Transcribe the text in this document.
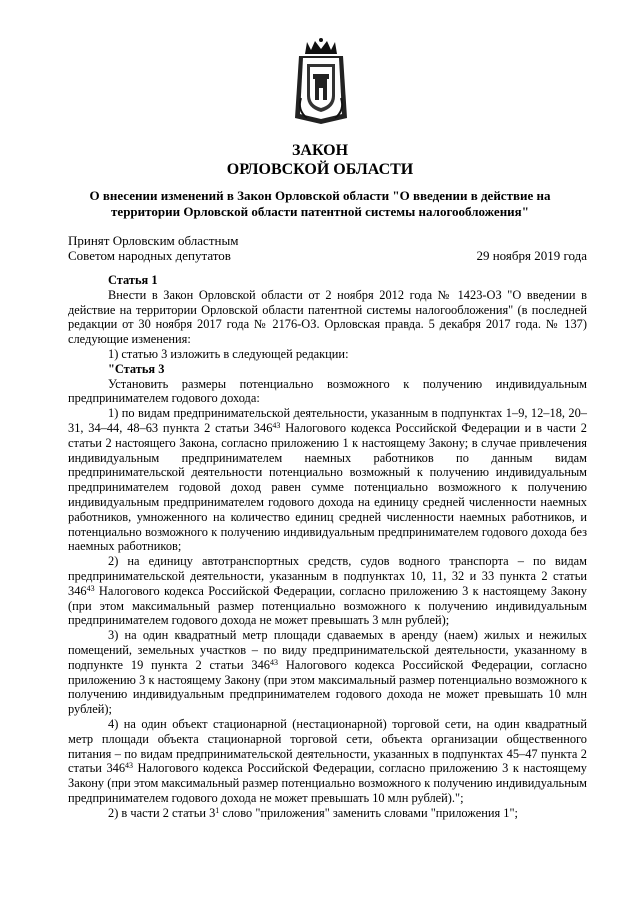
ЗАКОН
ОРЛОВСКОЙ ОБЛАСТИ
О внесении изменений в Закон Орловской области "О введении в действие на
территории Орловской области патентной системы налогообложения"
Принят Орловским областным
Советом народных депутатов	29 ноября 2019 года

Статья 1

Внести в Закон Орловской области от 2 ноября 2012 года № 1423-ОЗ "О введении в действие на территории Орловской области патентной системы налогообложения" (в последней редакции от 30 ноября 2017 года № 2176-ОЗ. Орловская правда. 5 декабря 2017 года. № 137) следующие изменения:

1) статью 3 изложить в следующей редакции:

"Статья 3

Установить размеры потенциально возможного к получению индивидуальным предпринимателем годового дохода:

1) по видам предпринимательской деятельности, указанным в подпунктах 1–9, 12–18, 20–31, 34–44, 48–63 пункта 2 статьи $346^{43}$ Налогового кодекса Российской Федерации и в части 2 статьи 2 настоящего Закона, согласно приложению 1 к настоящему Закону; в случае привлечения индивидуальным предпринимателем наемных работников по данным видам предпринимательской деятельности потенциально возможный к получению индивидуальным предпринимателем годовой доход равен сумме потенциально возможного к получению индивидуальным предпринимателем годового дохода на единицу средней численности наемных работников, умноженного на количество единиц средней численности наемных работников, и потенциально возможного к получению индивидуальным предпринимателем годового дохода без наемных работников;

2) на единицу автотранспортных средств, судов водного транспорта – по видам предпринимательской деятельности, указанным в подпунктах 10, 11, 32 и 33 пункта 2 статьи $346^{43}$ Налогового кодекса Российской Федерации, согласно приложению 3 к настоящему Закону (при этом максимальный размер потенциально возможного к получению индивидуальным предпринимателем годового дохода не может превышать 3 млн рублей);

3) на один квадратный метр площади сдаваемых в аренду (наем) жилых и нежилых помещений, земельных участков – по виду предпринимательской деятельности, указанному в подпункте 19 пункта 2 статьи $346^{43}$ Налогового кодекса Российской Федерации, согласно приложению 3 к настоящему Закону (при этом максимальный размер потенциально возможного к получению индивидуальным предпринимателем годового дохода не может превышать 10 млн рублей);

4) на один объект стационарной (нестационарной) торговой сети, на один квадратный метр площади объекта стационарной торговой сети, объекта организации общественного питания – по видам предпринимательской деятельности, указанных в подпунктах 45–47 пункта 2 статьи $346^{43}$ Налогового кодекса Российской Федерации, согласно приложению 3 к настоящему Закону (при этом максимальный размер потенциально возможного к получению индивидуальным предпринимателем годового дохода не может превышать 10 млн рублей).";

2) в части 2 статьи $3^1$ слово "приложения" заменить словами "приложения 1";
